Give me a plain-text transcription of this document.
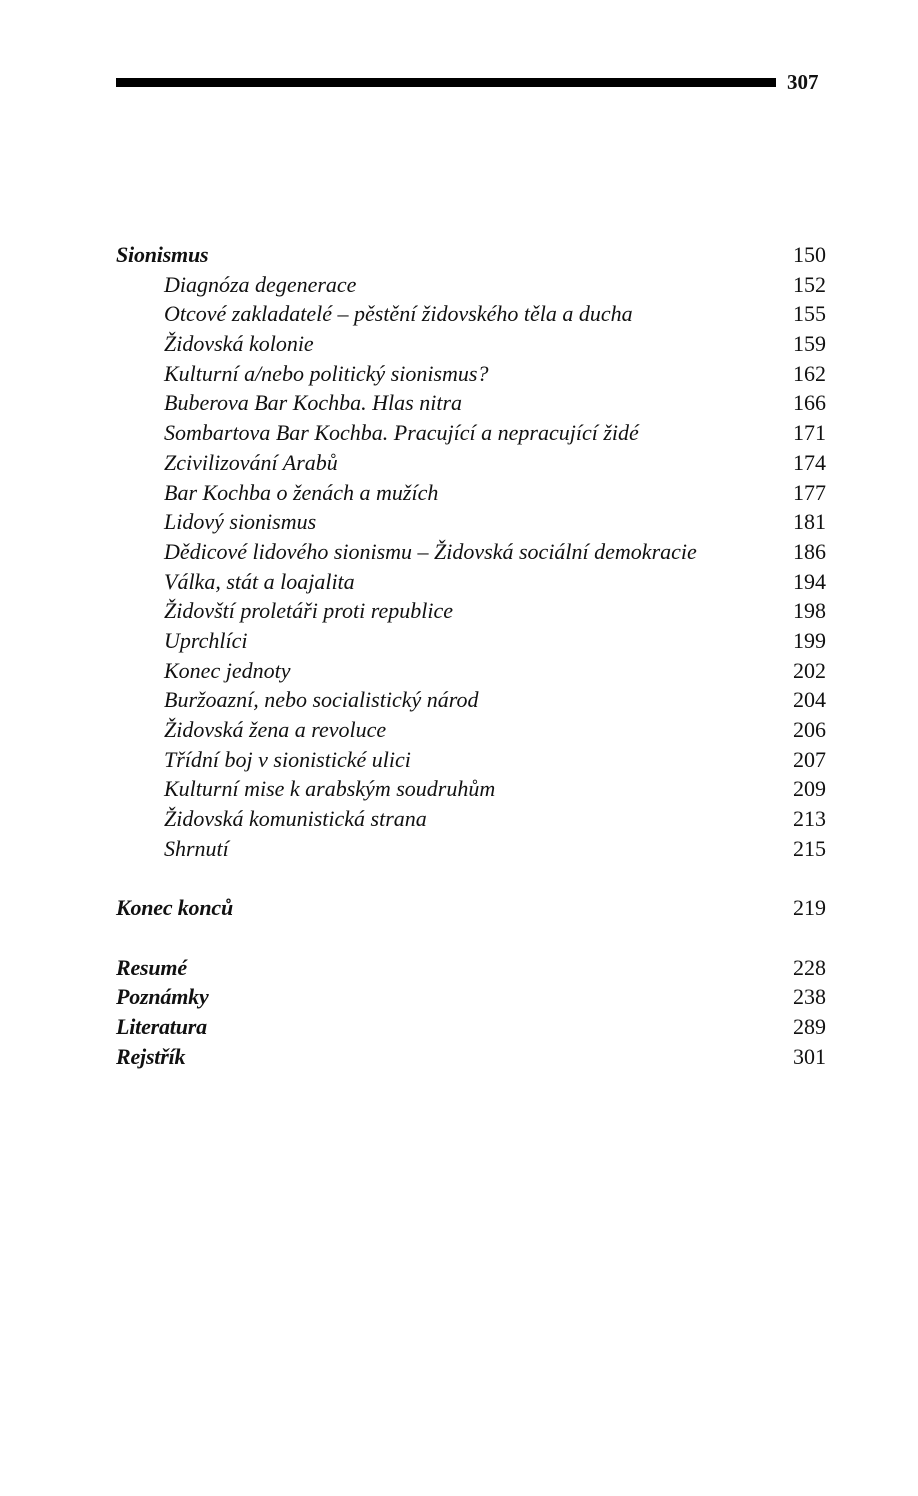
307
Sionismus	150
Diagnóza degenerace	152
Otcové zakladatelé – pěstění židovského těla a ducha	155
Židovská kolonie	159
Kulturní a/nebo politický sionismus?	162
Buberova Bar Kochba. Hlas nitra	166
Sombartova Bar Kochba. Pracující a nepracující židé	171
Zcivilizování Arabů	174
Bar Kochba o ženách a mužích	177
Lidový sionismus	181
Dědicové lidového sionismu – Židovská sociální demokracie	186
Válka, stát a loajalita	194
Židovští proletáři proti republice	198
Uprchlíci	199
Konec jednoty	202
Buržoazní, nebo socialistický národ	204
Židovská žena a revoluce	206
Třídní boj v sionistické ulici	207
Kulturní mise k arabským soudruhům	209
Židovská komunistická strana	213
Shrnutí	215
Konec konců	219
Resumé	228
Poznámky	238
Literatura	289
Rejstřík	301
